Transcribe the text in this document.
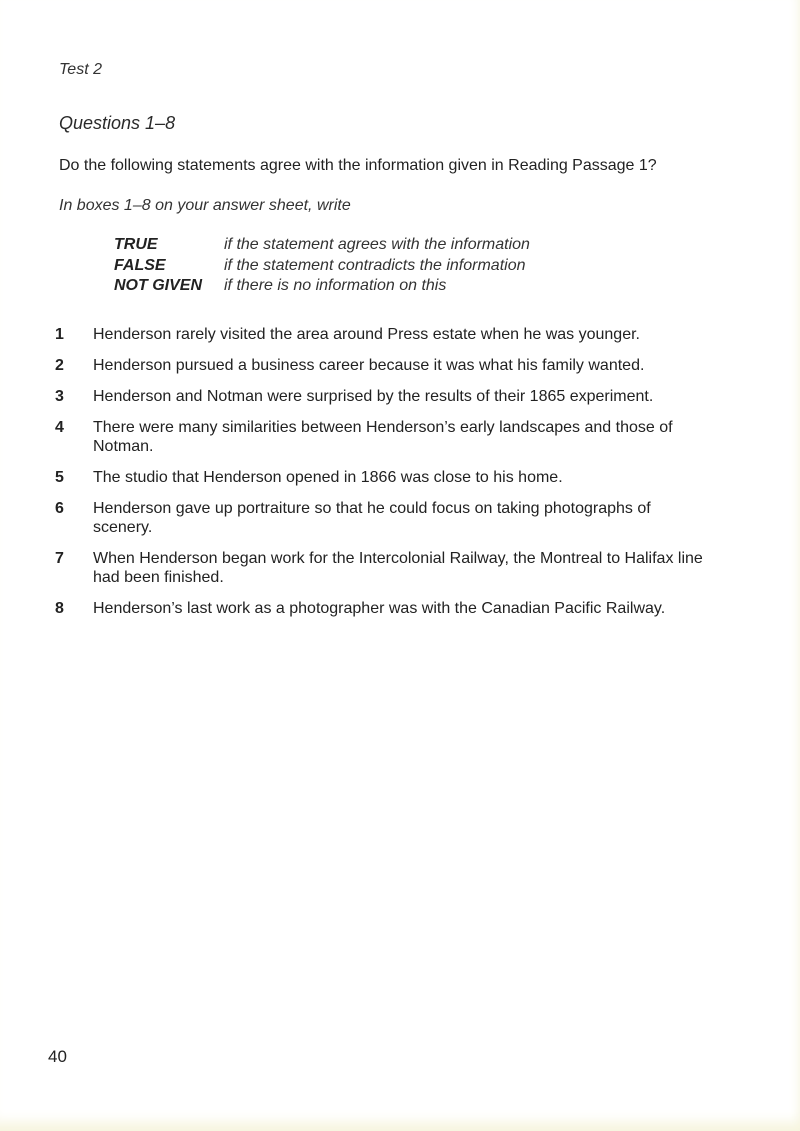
Test 2
Questions 1–8
Do the following statements agree with the information given in Reading Passage 1?
In boxes 1–8 on your answer sheet, write
TRUE	if the statement agrees with the information
FALSE	if the statement contradicts the information
NOT GIVEN	if there is no information on this
1	Henderson rarely visited the area around Press estate when he was younger.
2	Henderson pursued a business career because it was what his family wanted.
3	Henderson and Notman were surprised by the results of their 1865 experiment.
4	There were many similarities between Henderson’s early landscapes and those of Notman.
5	The studio that Henderson opened in 1866 was close to his home.
6	Henderson gave up portraiture so that he could focus on taking photographs of scenery.
7	When Henderson began work for the Intercolonial Railway, the Montreal to Halifax line had been finished.
8	Henderson’s last work as a photographer was with the Canadian Pacific Railway.
40
